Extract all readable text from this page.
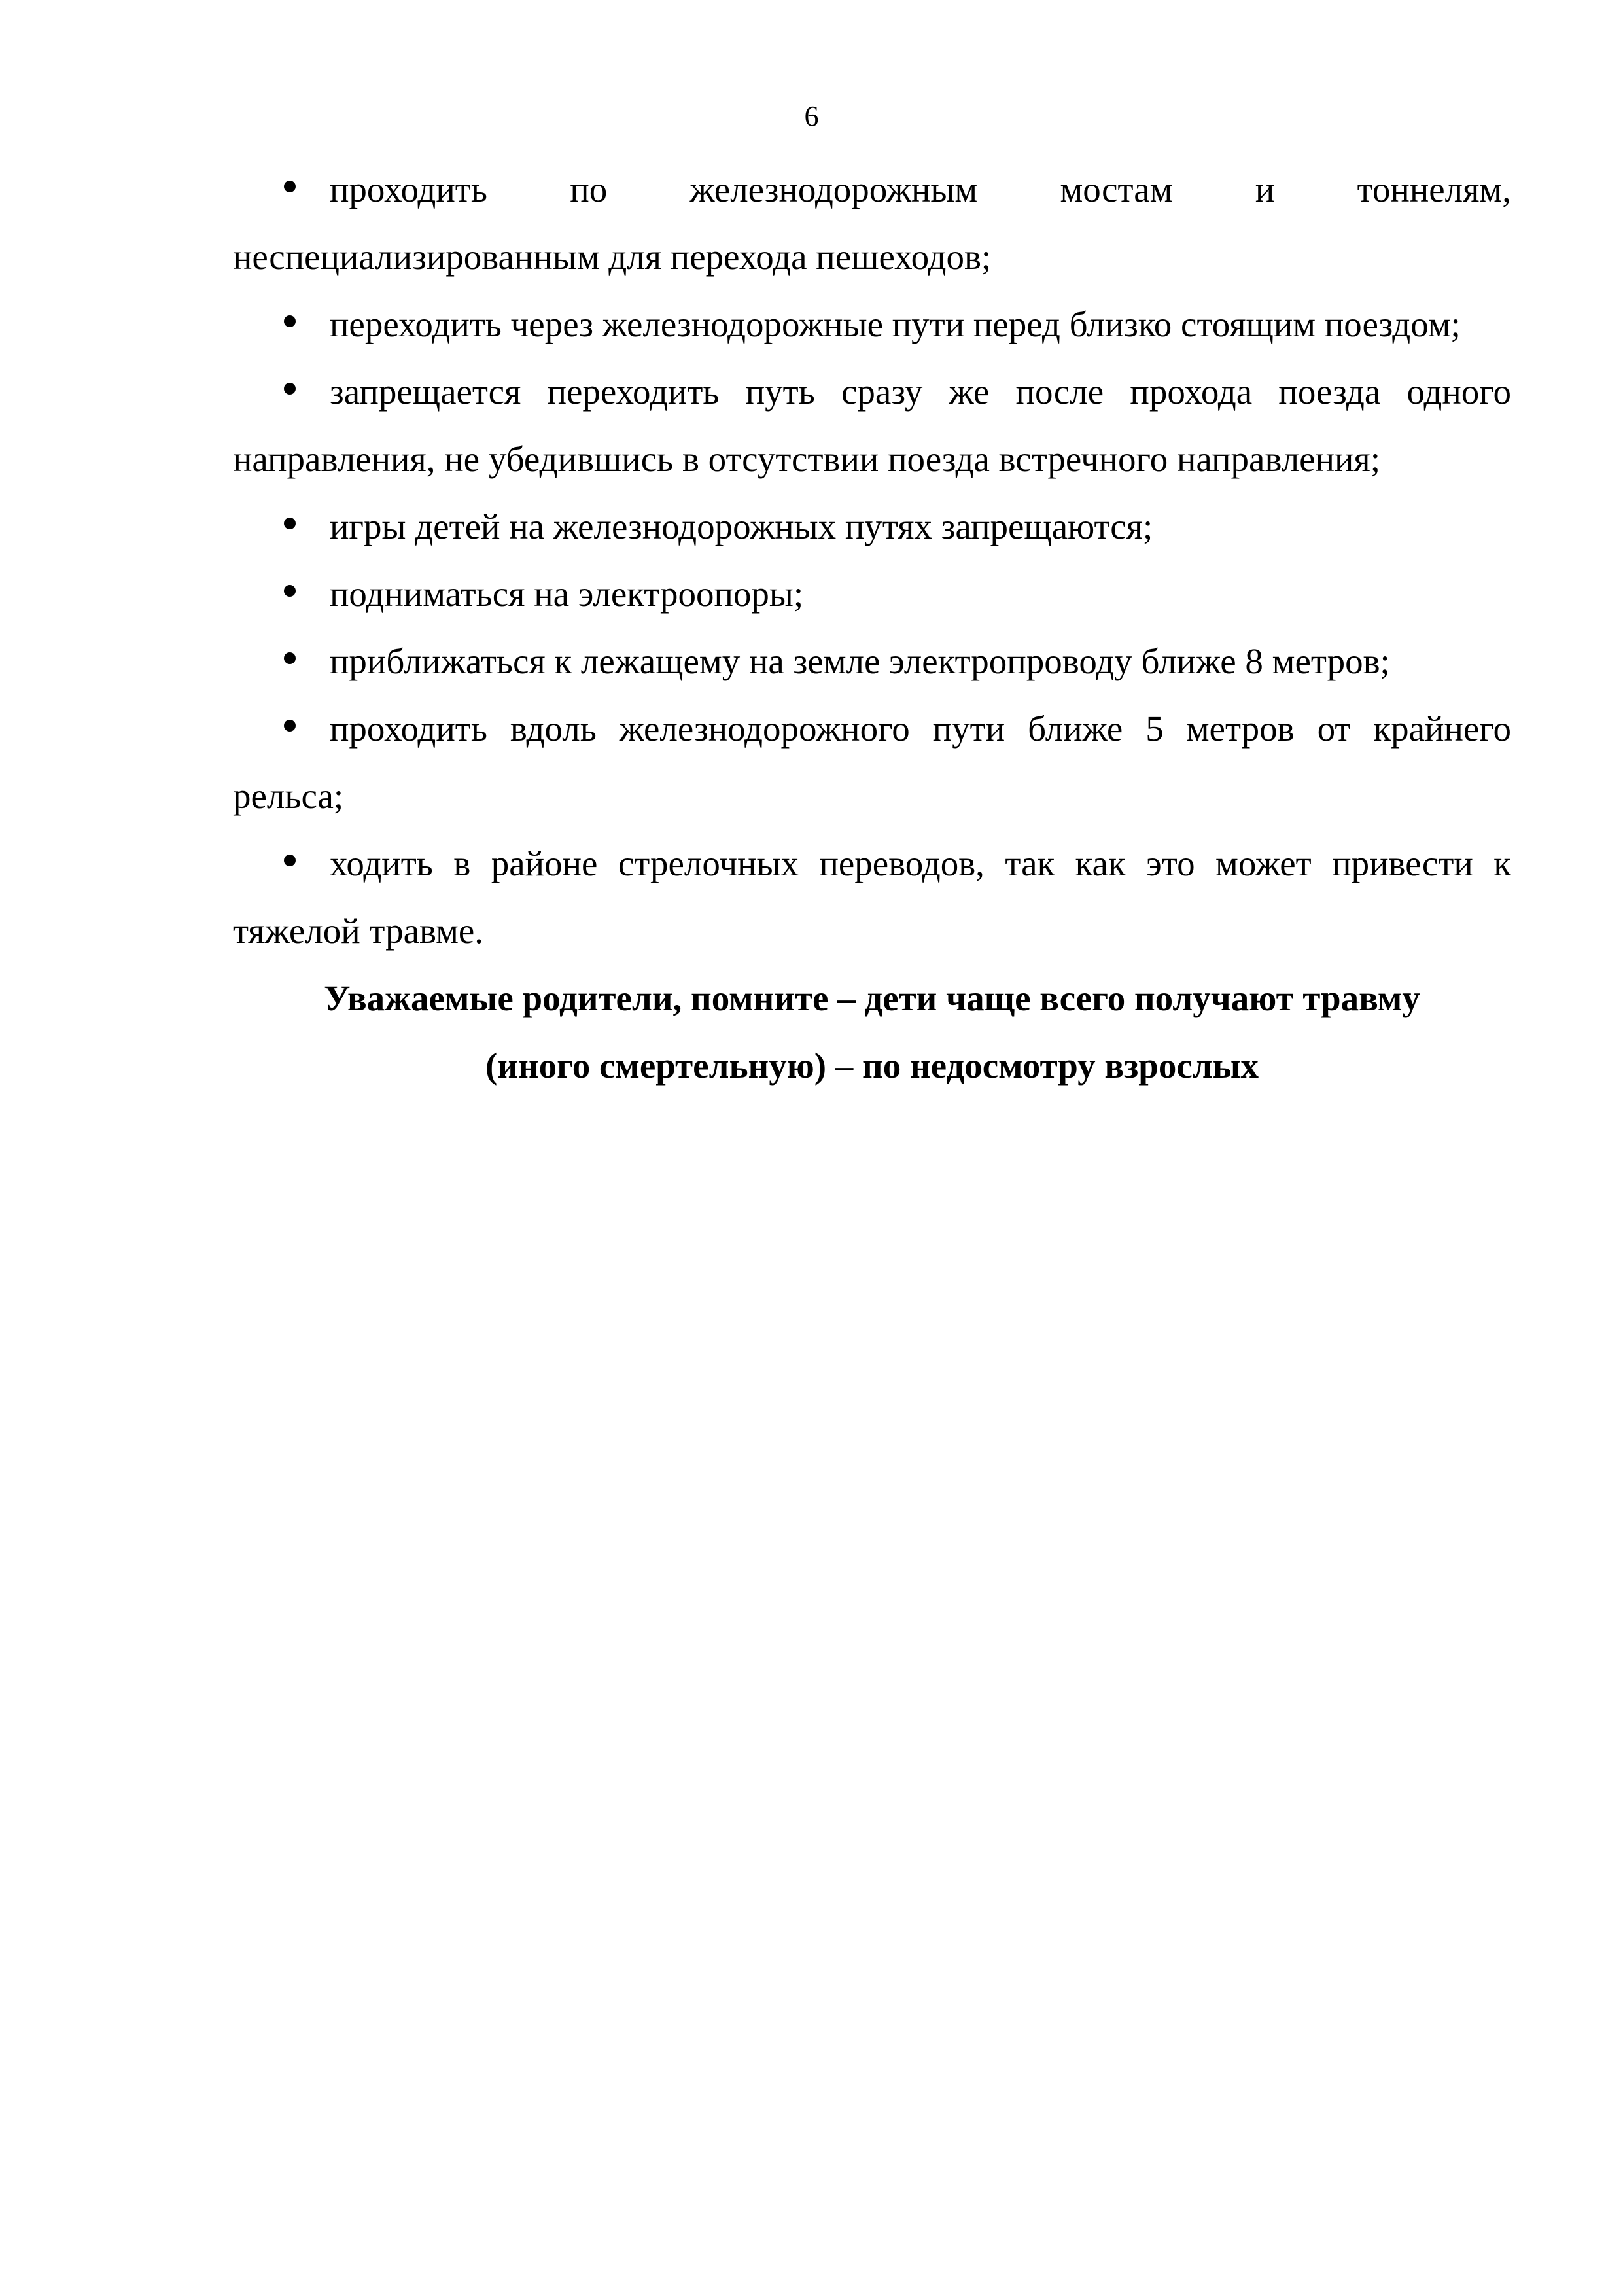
6
проходить по железнодорожным мостам и тоннелям, неспециализированным для перехода пешеходов;
переходить через железнодорожные пути перед близко стоящим поездом;
запрещается переходить путь сразу же после прохода поезда одного направления, не убедившись в отсутствии поезда встречного направления;
игры детей на железнодорожных путях запрещаются;
подниматься на электроопоры;
приближаться к лежащему на земле электропроводу ближе 8 метров;
проходить вдоль железнодорожного пути ближе 5 метров от крайнего рельса;
ходить в районе стрелочных переводов, так как это может привести к тяжелой травме.

Уважаемые родители, помните – дети чаще всего получают травму

(иного смертельную) – по недосмотру взрослых
